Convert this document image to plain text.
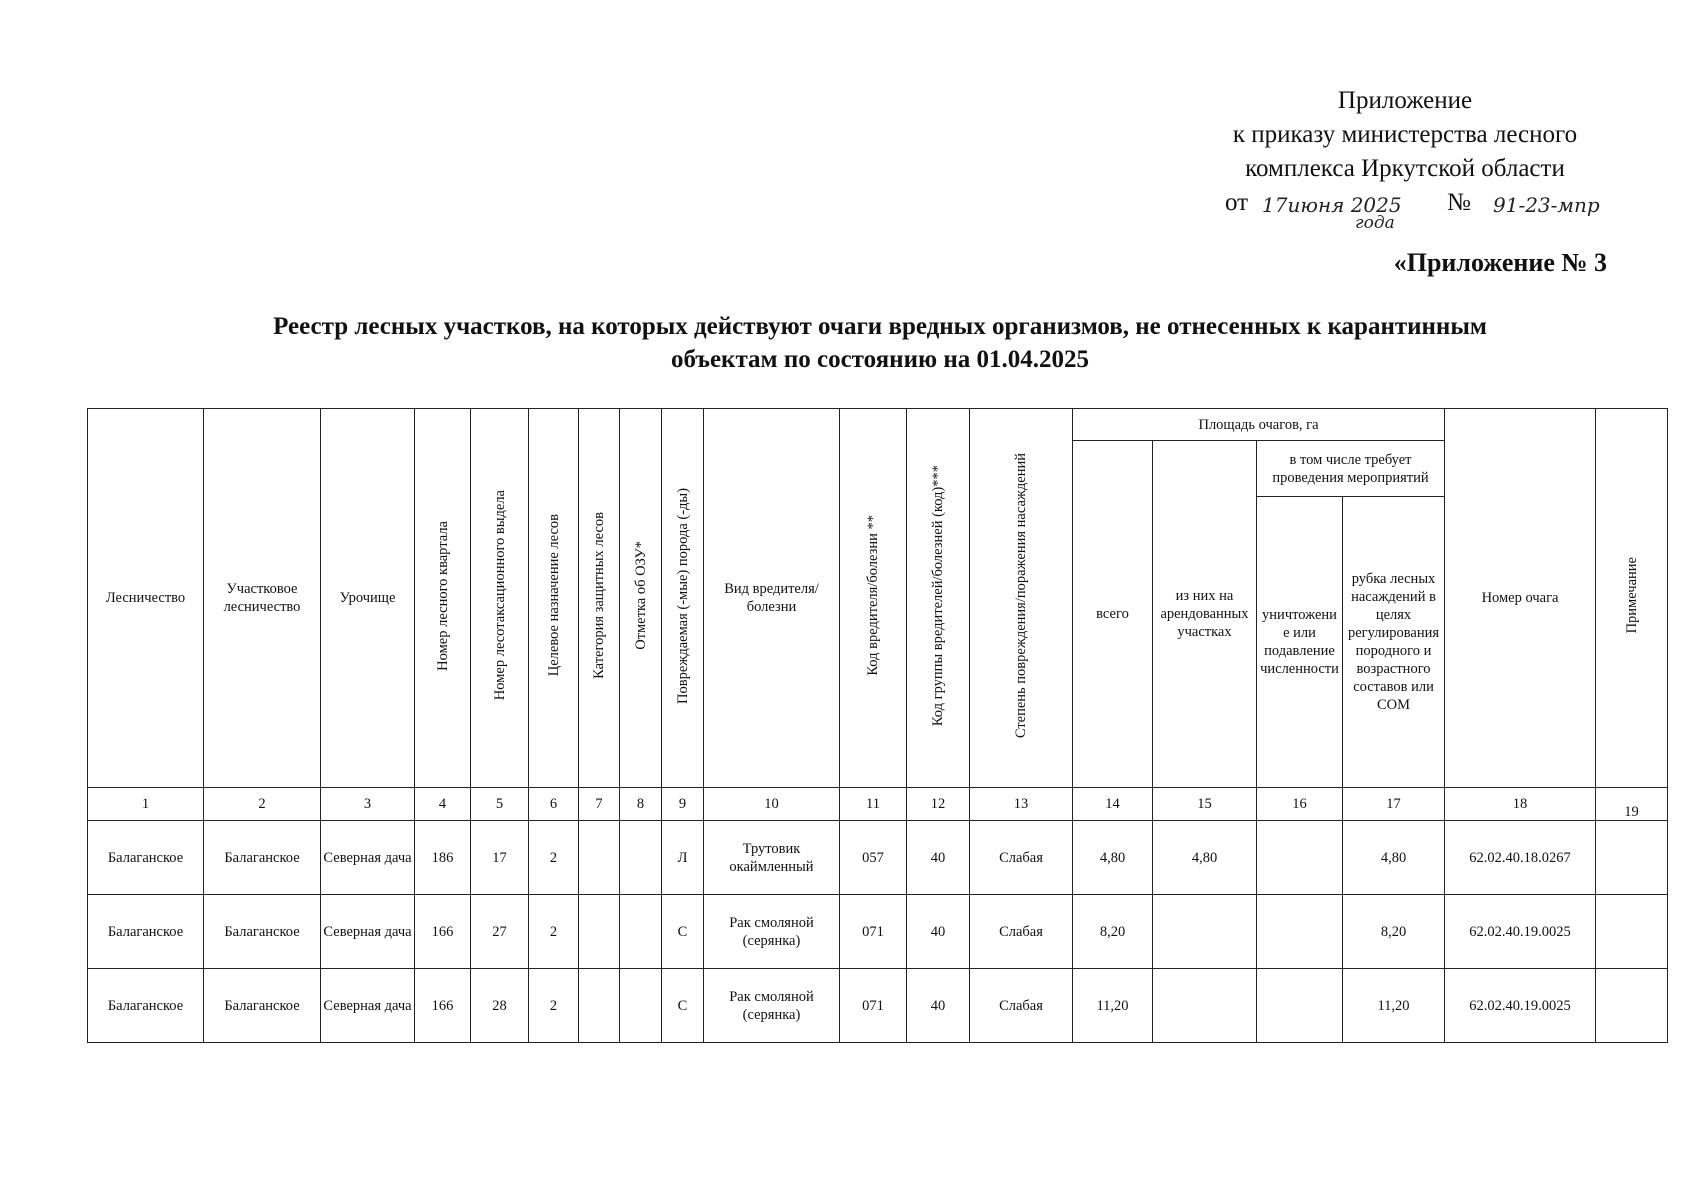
Приложение
к приказу министерства лесного
комплекса Иркутской области
от 17июня 2025
года
№ 91-23-мпр
«Приложение № 3
Реестр лесных участков, на которых действуют очаги вредных организмов, не отнесенных к карантинным
объектам по состоянию на 01.04.2025
Лесничество	Участковое лесничество	Урочище	Номер лесного квартала	Номер лесотаксационного выдела	Целевое назначение лесов	Категория защитных лесов	Отметка об ОЗУ*	Повреждаемая (-мые) порода (-ды)	Вид вредителя/болезни	Код вредителя/болезни **	Код группы вредителей/болезней (код)***	Степень повреждения/поражения насаждений	Площадь очагов, га				Номер очага	Примечание
													всего	из них на арендованных участках	в том числе требует проведения мероприятий			
															уничтожение или подавление численности	рубка лесных насаждений в целях регулирования породного и возрастного составов или СОМ		
1	2	3	4	5	6	7	8	9	10	11	12	13	14	15	16	17	18	19
Балаганское	Балаганское	Северная дача	186	17	2			Л	Трутовик окаймленный	057	40	Слабая	4,80	4,80		4,80	62.02.40.18.0267	
Балаганское	Балаганское	Северная дача	166	27	2			С	Рак смоляной (серянка)	071	40	Слабая	8,20			8,20	62.02.40.19.0025	
Балаганское	Балаганское	Северная дача	166	28	2			С	Рак смоляной (серянка)	071	40	Слабая	11,20			11,20	62.02.40.19.0025	
